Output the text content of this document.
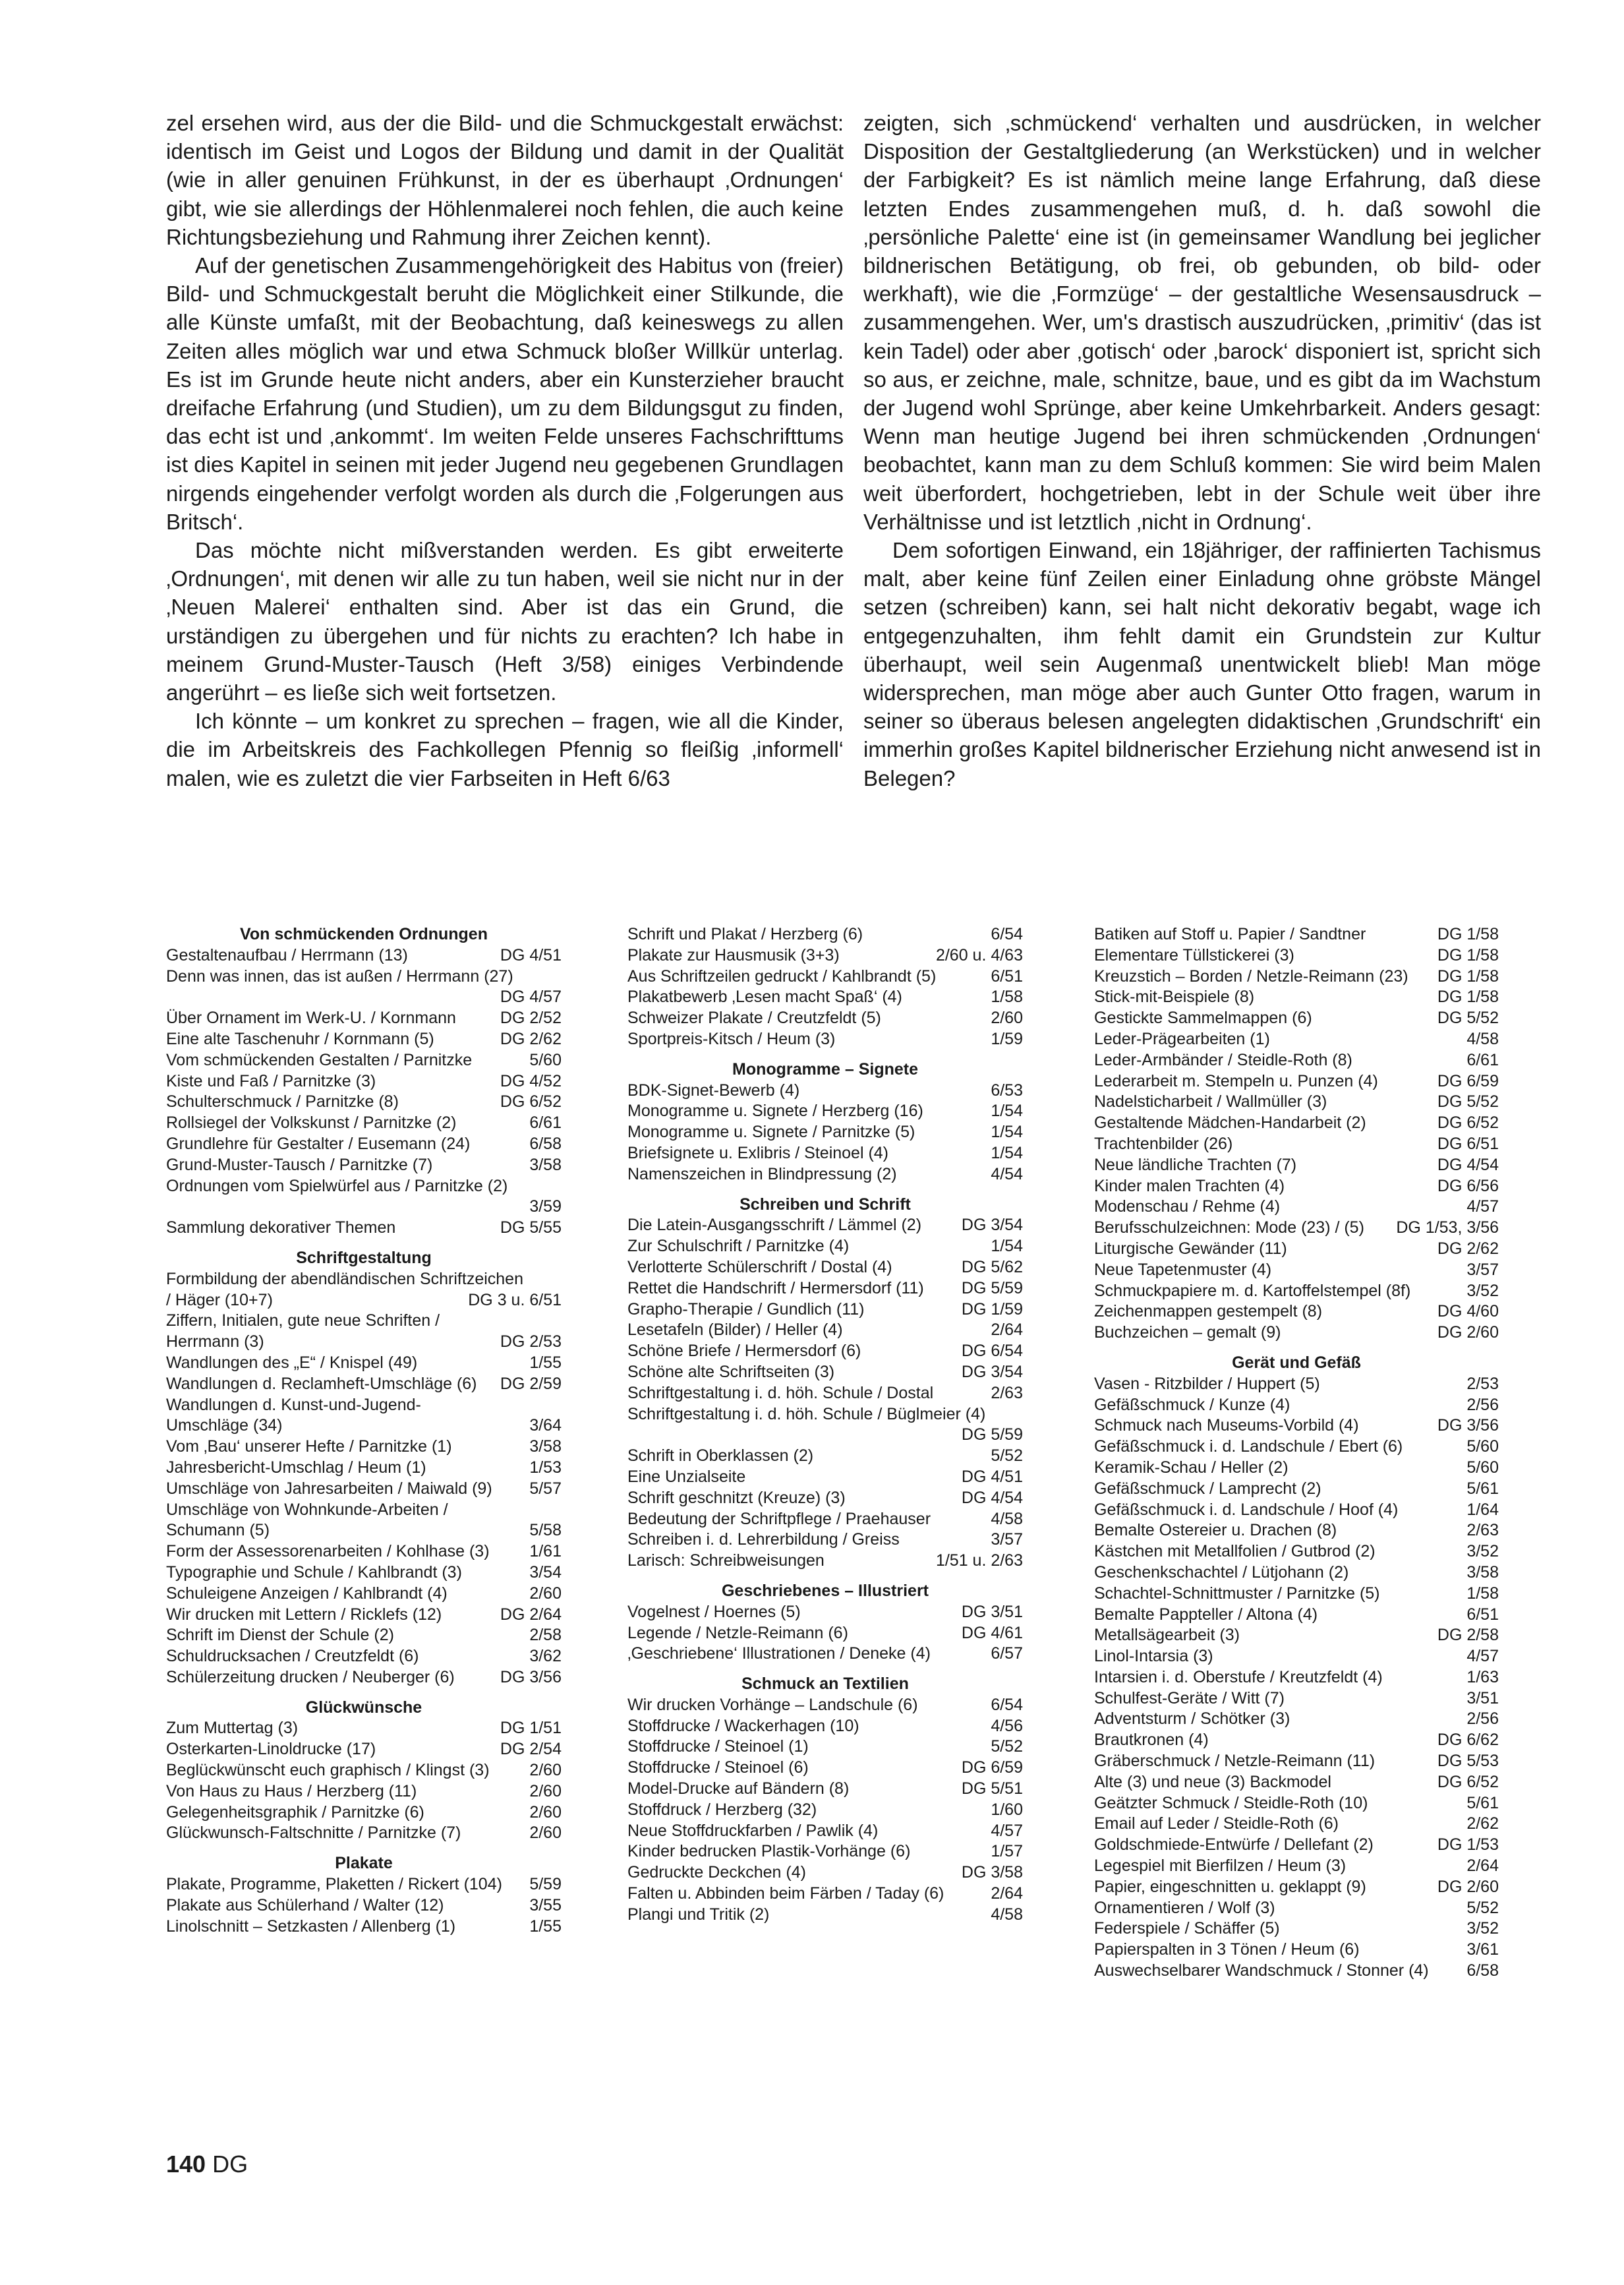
zel ersehen wird, aus der die Bild- und die Schmuckgestalt erwächst: identisch im Geist und Logos der Bildung und damit in der Qualität (wie in aller genuinen Frühkunst, in der es überhaupt ‚Ordnungen‘ gibt, wie sie allerdings der Höhlenmalerei noch fehlen, die auch keine Richtungsbeziehung und Rahmung ihrer Zeichen kennt).

Auf der genetischen Zusammengehörigkeit des Habitus von (freier) Bild- und Schmuckgestalt beruht die Möglichkeit einer Stilkunde, die alle Künste umfaßt, mit der Beobachtung, daß keineswegs zu allen Zeiten alles möglich war und etwa Schmuck bloßer Willkür unterlag. Es ist im Grunde heute nicht anders, aber ein Kunsterzieher braucht dreifache Erfahrung (und Studien), um zu dem Bildungsgut zu finden, das echt ist und ‚ankommt‘. Im weiten Felde unseres Fachschrifttums ist dies Kapitel in seinen mit jeder Jugend neu gegebenen Grundlagen nirgends eingehender verfolgt worden als durch die ‚Folgerungen aus Britsch‘.

Das möchte nicht mißverstanden werden. Es gibt erweiterte ‚Ordnungen‘, mit denen wir alle zu tun haben, weil sie nicht nur in der ‚Neuen Malerei‘ enthalten sind. Aber ist das ein Grund, die urständigen zu übergehen und für nichts zu erachten? Ich habe in meinem Grund-Muster-Tausch (Heft 3/58) einiges Verbindende angerührt – es ließe sich weit fortsetzen.

Ich könnte – um konkret zu sprechen – fragen, wie all die Kinder, die im Arbeitskreis des Fachkollegen Pfennig so fleißig ‚informell‘ malen, wie es zuletzt die vier Farbseiten in Heft 6/63

zeigten, sich ‚schmückend‘ verhalten und ausdrücken, in welcher Disposition der Gestaltgliederung (an Werkstücken) und in welcher der Farbigkeit? Es ist nämlich meine lange Erfahrung, daß diese letzten Endes zusammengehen muß, d. h. daß sowohl die ‚persönliche Palette‘ eine ist (in gemeinsamer Wandlung bei jeglicher bildnerischen Betätigung, ob frei, ob gebunden, ob bild- oder werkhaft), wie die ‚Formzüge‘ – der gestaltliche Wesensausdruck – zusammengehen. Wer, um's drastisch auszudrücken, ‚primitiv‘ (das ist kein Tadel) oder aber ‚gotisch‘ oder ‚barock‘ disponiert ist, spricht sich so aus, er zeichne, male, schnitze, baue, und es gibt da im Wachstum der Jugend wohl Sprünge, aber keine Umkehrbarkeit. Anders gesagt: Wenn man heutige Jugend bei ihren schmückenden ‚Ordnungen‘ beobachtet, kann man zu dem Schluß kommen: Sie wird beim Malen weit überfordert, hochgetrieben, lebt in der Schule weit über ihre Verhältnisse und ist letztlich ‚nicht in Ordnung‘.

Dem sofortigen Einwand, ein 18jähriger, der raffinierten Tachismus malt, aber keine fünf Zeilen einer Einladung ohne gröbste Mängel setzen (schreiben) kann, sei halt nicht dekorativ begabt, wage ich entgegenzuhalten, ihm fehlt damit ein Grundstein zur Kultur überhaupt, weil sein Augenmaß unentwickelt blieb! Man möge widersprechen, man möge aber auch Gunter Otto fragen, warum in seiner so überaus belesen angelegten didaktischen ‚Grundschrift‘ ein immerhin großes Kapitel bildnerischer Erziehung nicht anwesend ist in Belegen?

Von schmückenden Ordnungen
Gestaltenaufbau / Herrmann (13)	DG 4/51
Denn was innen, das ist außen / Herrmann (27)
DG 4/57
Über Ornament im Werk-U. / Kornmann	DG 2/52
Eine alte Taschenuhr / Kornmann (5)	DG 2/62
Vom schmückenden Gestalten / Parnitzke	5/60
Kiste und Faß / Parnitzke (3)	DG 4/52
Schulterschmuck / Parnitzke (8)	DG 6/52
Rollsiegel der Volkskunst / Parnitzke (2)	6/61
Grundlehre für Gestalter / Eusemann (24)	6/58
Grund-Muster-Tausch / Parnitzke (7)	3/58
Ordnungen vom Spielwürfel aus / Parnitzke (2)
3/59
Sammlung dekorativer Themen	DG 5/55
Schriftgestaltung
Formbildung der abendländischen Schriftzeichen
/ Häger (10+7)	DG 3 u. 6/51
Ziffern, Initialen, gute neue Schriften /
Herrmann (3)	DG 2/53
Wandlungen des „E“ / Knispel (49)	1/55
Wandlungen d. Reclamheft-Umschläge (6)	DG 2/59
Wandlungen d. Kunst-und-Jugend-
Umschläge (34)	3/64
Vom ‚Bau‘ unserer Hefte / Parnitzke (1)	3/58
Jahresbericht-Umschlag / Heum (1)	1/53
Umschläge von Jahresarbeiten / Maiwald (9)	5/57
Umschläge von Wohnkunde-Arbeiten /
Schumann (5)	5/58
Form der Assessorenarbeiten / Kohlhase (3)	1/61
Typographie und Schule / Kahlbrandt (3)	3/54
Schuleigene Anzeigen / Kahlbrandt (4)	2/60
Wir drucken mit Lettern / Ricklefs (12)	DG 2/64
Schrift im Dienst der Schule (2)	2/58
Schuldrucksachen / Creutzfeldt (6)	3/62
Schülerzeitung drucken / Neuberger (6)	DG 3/56
Glückwünsche
Zum Muttertag (3)	DG 1/51
Osterkarten-Linoldrucke (17)	DG 2/54
Beglückwünscht euch graphisch / Klingst (3)	2/60
Von Haus zu Haus / Herzberg (11)	2/60
Gelegenheitsgraphik / Parnitzke (6)	2/60
Glückwunsch-Faltschnitte / Parnitzke (7)	2/60
Plakate
Plakate, Programme, Plaketten / Rickert (104)	5/59
Plakate aus Schülerhand / Walter (12)	3/55
Linolschnitt – Setzkasten / Allenberg (1)	1/55
Schrift und Plakat / Herzberg (6)	6/54
Plakate zur Hausmusik (3+3)	2/60 u. 4/63
Aus Schriftzeilen gedruckt / Kahlbrandt (5)	6/51
Plakatbewerb ‚Lesen macht Spaß‘ (4)	1/58
Schweizer Plakate / Creutzfeldt (5)	2/60
Sportpreis-Kitsch / Heum (3)	1/59
Monogramme – Signete
BDK-Signet-Bewerb (4)	6/53
Monogramme u. Signete / Herzberg (16)	1/54
Monogramme u. Signete / Parnitzke (5)	1/54
Briefsignete u. Exlibris / Steinoel (4)	1/54
Namenszeichen in Blindpressung (2)	4/54
Schreiben und Schrift
Die Latein-Ausgangsschrift / Lämmel (2)	DG 3/54
Zur Schulschrift / Parnitzke (4)	1/54
Verlotterte Schülerschrift / Dostal (4)	DG 5/62
Rettet die Handschrift / Hermersdorf (11)	DG 5/59
Grapho-Therapie / Gundlich (11)	DG 1/59
Lesetafeln (Bilder) / Heller (4)	2/64
Schöne Briefe / Hermersdorf (6)	DG 6/54
Schöne alte Schriftseiten (3)	DG 3/54
Schriftgestaltung i. d. höh. Schule / Dostal	2/63
Schriftgestaltung i. d. höh. Schule / Büglmeier (4)
DG 5/59
Schrift in Oberklassen (2)	5/52
Eine Unzialseite	DG 4/51
Schrift geschnitzt (Kreuze) (3)	DG 4/54
Bedeutung der Schriftpflege / Praehauser	4/58
Schreiben i. d. Lehrerbildung / Greiss	3/57
Larisch: Schreibweisungen	1/51 u. 2/63
Geschriebenes – Illustriert
Vogelnest / Hoernes (5)	DG 3/51
Legende / Netzle-Reimann (6)	DG 4/61
‚Geschriebene‘ Illustrationen / Deneke (4)	6/57
Schmuck an Textilien
Wir drucken Vorhänge – Landschule (6)	6/54
Stoffdrucke / Wackerhagen (10)	4/56
Stoffdrucke / Steinoel (1)	5/52
Stoffdrucke / Steinoel (6)	DG 6/59
Model-Drucke auf Bändern (8)	DG 5/51
Stoffdruck / Herzberg (32)	1/60
Neue Stoffdruckfarben / Pawlik (4)	4/57
Kinder bedrucken Plastik-Vorhänge (6)	1/57
Gedruckte Deckchen (4)	DG 3/58
Falten u. Abbinden beim Färben / Taday (6)	2/64
Plangi und Tritik (2)	4/58
Batiken auf Stoff u. Papier / Sandtner	DG 1/58
Elementare Tüllstickerei (3)	DG 1/58
Kreuzstich – Borden / Netzle-Reimann (23)	DG 1/58
Stick-mit-Beispiele (8)	DG 1/58
Gestickte Sammelmappen (6)	DG 5/52
Leder-Prägearbeiten (1)	4/58
Leder-Armbänder / Steidle-Roth (8)	6/61
Lederarbeit m. Stempeln u. Punzen (4)	DG 6/59
Nadelsticharbeit / Wallmüller (3)	DG 5/52
Gestaltende Mädchen-Handarbeit (2)	DG 6/52
Trachtenbilder (26)	DG 6/51
Neue ländliche Trachten (7)	DG 4/54
Kinder malen Trachten (4)	DG 6/56
Modenschau / Rehme (4)	4/57
Berufsschulzeichnen: Mode (23) / (5)	DG 1/53, 3/56
Liturgische Gewänder (11)	DG 2/62
Neue Tapetenmuster (4)	3/57
Schmuckpapiere m. d. Kartoffelstempel (8f)	3/52
Zeichenmappen gestempelt (8)	DG 4/60
Buchzeichen – gemalt (9)	DG 2/60
Gerät und Gefäß
Vasen - Ritzbilder / Huppert (5)	2/53
Gefäßschmuck / Kunze (4)	2/56
Schmuck nach Museums-Vorbild (4)	DG 3/56
Gefäßschmuck i. d. Landschule / Ebert (6)	5/60
Keramik-Schau / Heller (2)	5/60
Gefäßschmuck / Lamprecht (2)	5/61
Gefäßschmuck i. d. Landschule / Hoof (4)	1/64
Bemalte Ostereier u. Drachen (8)	2/63
Kästchen mit Metallfolien / Gutbrod (2)	3/52
Geschenkschachtel / Lütjohann (2)	3/58
Schachtel-Schnittmuster / Parnitzke (5)	1/58
Bemalte Pappteller / Altona (4)	6/51
Metallsägearbeit (3)	DG 2/58
Linol-Intarsia (3)	4/57
Intarsien i. d. Oberstufe / Kreutzfeldt (4)	1/63
Schulfest-Geräte / Witt (7)	3/51
Adventsturm / Schötker (3)	2/56
Brautkronen (4)	DG 6/62
Gräberschmuck / Netzle-Reimann (11)	DG 5/53
Alte (3) und neue (3) Backmodel	DG 6/52
Geätzter Schmuck / Steidle-Roth (10)	5/61
Email auf Leder / Steidle-Roth (6)	2/62
Goldschmiede-Entwürfe / Dellefant (2)	DG 1/53
Legespiel mit Bierfilzen / Heum (3)	2/64
Papier, eingeschnitten u. geklappt (9)	DG 2/60
Ornamentieren / Wolf (3)	5/52
Federspiele / Schäffer (5)	3/52
Papierspalten in 3 Tönen / Heum (6)	3/61
Auswechselbarer Wandschmuck / Stonner (4)	6/58
140 DG
